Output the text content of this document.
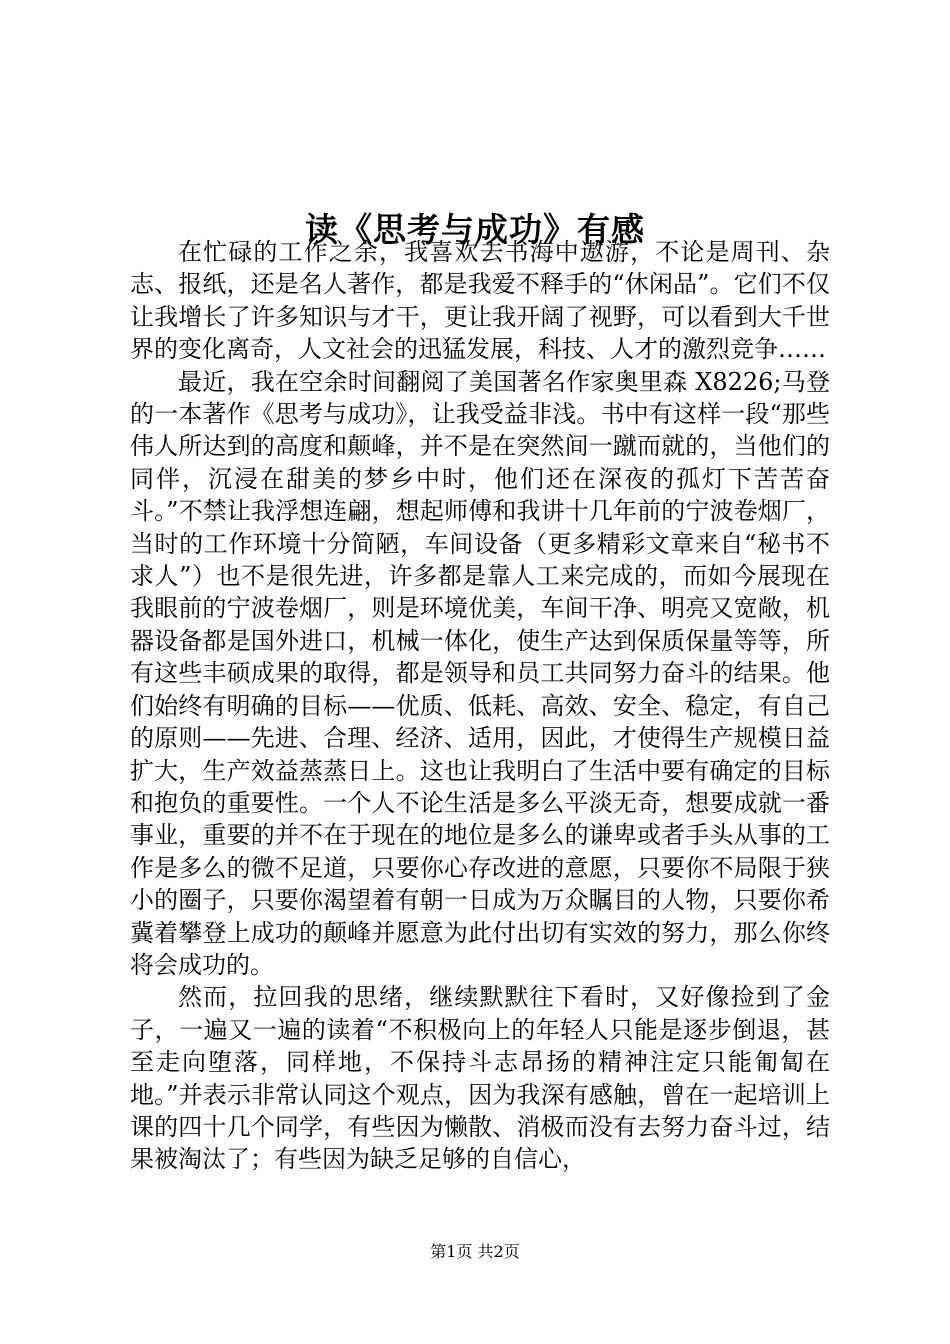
读《思考与成功》有感

在忙碌的工作之余，我喜欢去书海中遨游，不论是周刊、杂志、报纸，还是名人著作，都是我爱不释手的“休闲品”。它们不仅让我增长了许多知识与才干，更让我开阔了视野，可以看到大千世界的变化离奇，人文社会的迅猛发展，科技、人才的激烈竞争……

最近，我在空余时间翻阅了美国著名作家奥里森 X8226;马登的一本著作《思考与成功》，让我受益非浅。书中有这样一段“那些伟人所达到的高度和颠峰，并不是在突然间一蹴而就的，当他们的同伴，沉浸在甜美的梦乡中时，他们还在深夜的孤灯下苦苦奋斗。”不禁让我浮想连翩，想起师傅和我讲十几年前的宁波卷烟厂，当时的工作环境十分简陋，车间设备（更多精彩文章来自“秘书不求人”）也不是很先进，许多都是靠人工来完成的，而如今展现在我眼前的宁波卷烟厂，则是环境优美，车间干净、明亮又宽敞，机器设备都是国外进口，机械一体化，使生产达到保质保量等等，所有这些丰硕成果的取得，都是领导和员工共同努力奋斗的结果。他们始终有明确的目标——优质、低耗、高效、安全、稳定，有自己的原则——先进、合理、经济、适用，因此，才使得生产规模日益扩大，生产效益蒸蒸日上。这也让我明白了生活中要有确定的目标和抱负的重要性。一个人不论生活是多么平淡无奇，想要成就一番事业，重要的并不在于现在的地位是多么的谦卑或者手头从事的工作是多么的微不足道，只要你心存改进的意愿，只要你不局限于狭小的圈子，只要你渴望着有朝一日成为万众瞩目的人物，只要你希冀着攀登上成功的颠峰并愿意为此付出切有实效的努力，那么你终将会成功的。

然而，拉回我的思绪，继续默默往下看时，又好像捡到了金子，一遍又一遍的读着“不积极向上的年轻人只能是逐步倒退，甚至走向堕落，同样地，不保持斗志昂扬的精神注定只能匍匐在地。”并表示非常认同这个观点，因为我深有感触，曾在一起培训上课的四十几个同学，有些因为懒散、消极而没有去努力奋斗过，结果被淘汰了；有些因为缺乏足够的自信心，

第1页 共2页
